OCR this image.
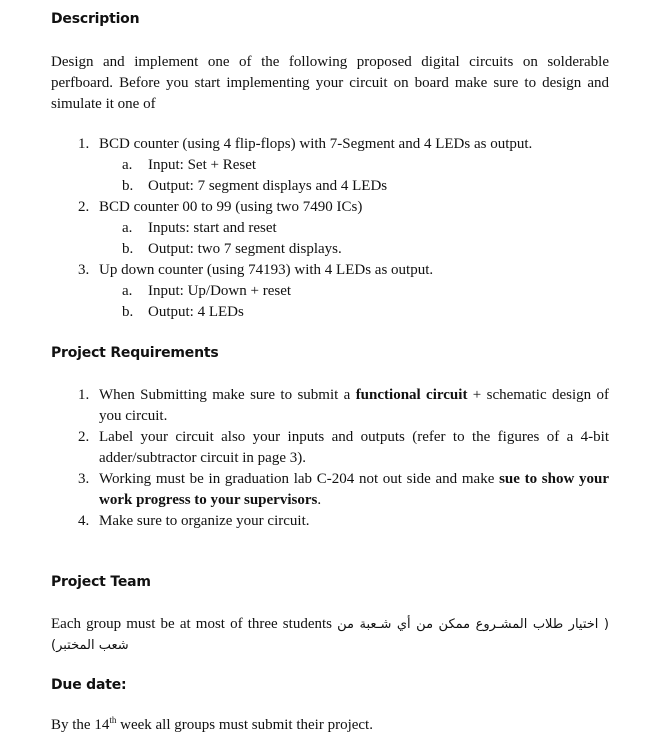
Description
Design and implement one of the following proposed digital circuits on solderable perfboard. Before you start implementing your circuit on board make sure to design and simulate it one of
1. BCD counter (using 4 flip-flops) with 7-Segment and 4 LEDs as output.
a. Input: Set + Reset
b. Output: 7 segment displays and 4 LEDs
2. BCD counter 00 to 99 (using two 7490 ICs)
a. Inputs: start and reset
b. Output: two 7 segment displays.
3. Up down counter (using 74193) with 4 LEDs as output.
a. Input: Up/Down + reset
b. Output: 4 LEDs
Project Requirements
1. When Submitting make sure to submit a functional circuit + schematic design of you circuit.
2. Label your circuit also your inputs and outputs (refer to the figures of a 4-bit adder/subtractor circuit in page 3).
3. Working must be in graduation lab C-204 not out side and make sue to show your work progress to your supervisors.
4. Make sure to organize your circuit.
Project Team
Each group must be at most of three students ( اختيار طلاب المشـروع ممكن من أي شـعبة من شعب المختبر)
Due date:
By the 14th week all groups must submit their project.
